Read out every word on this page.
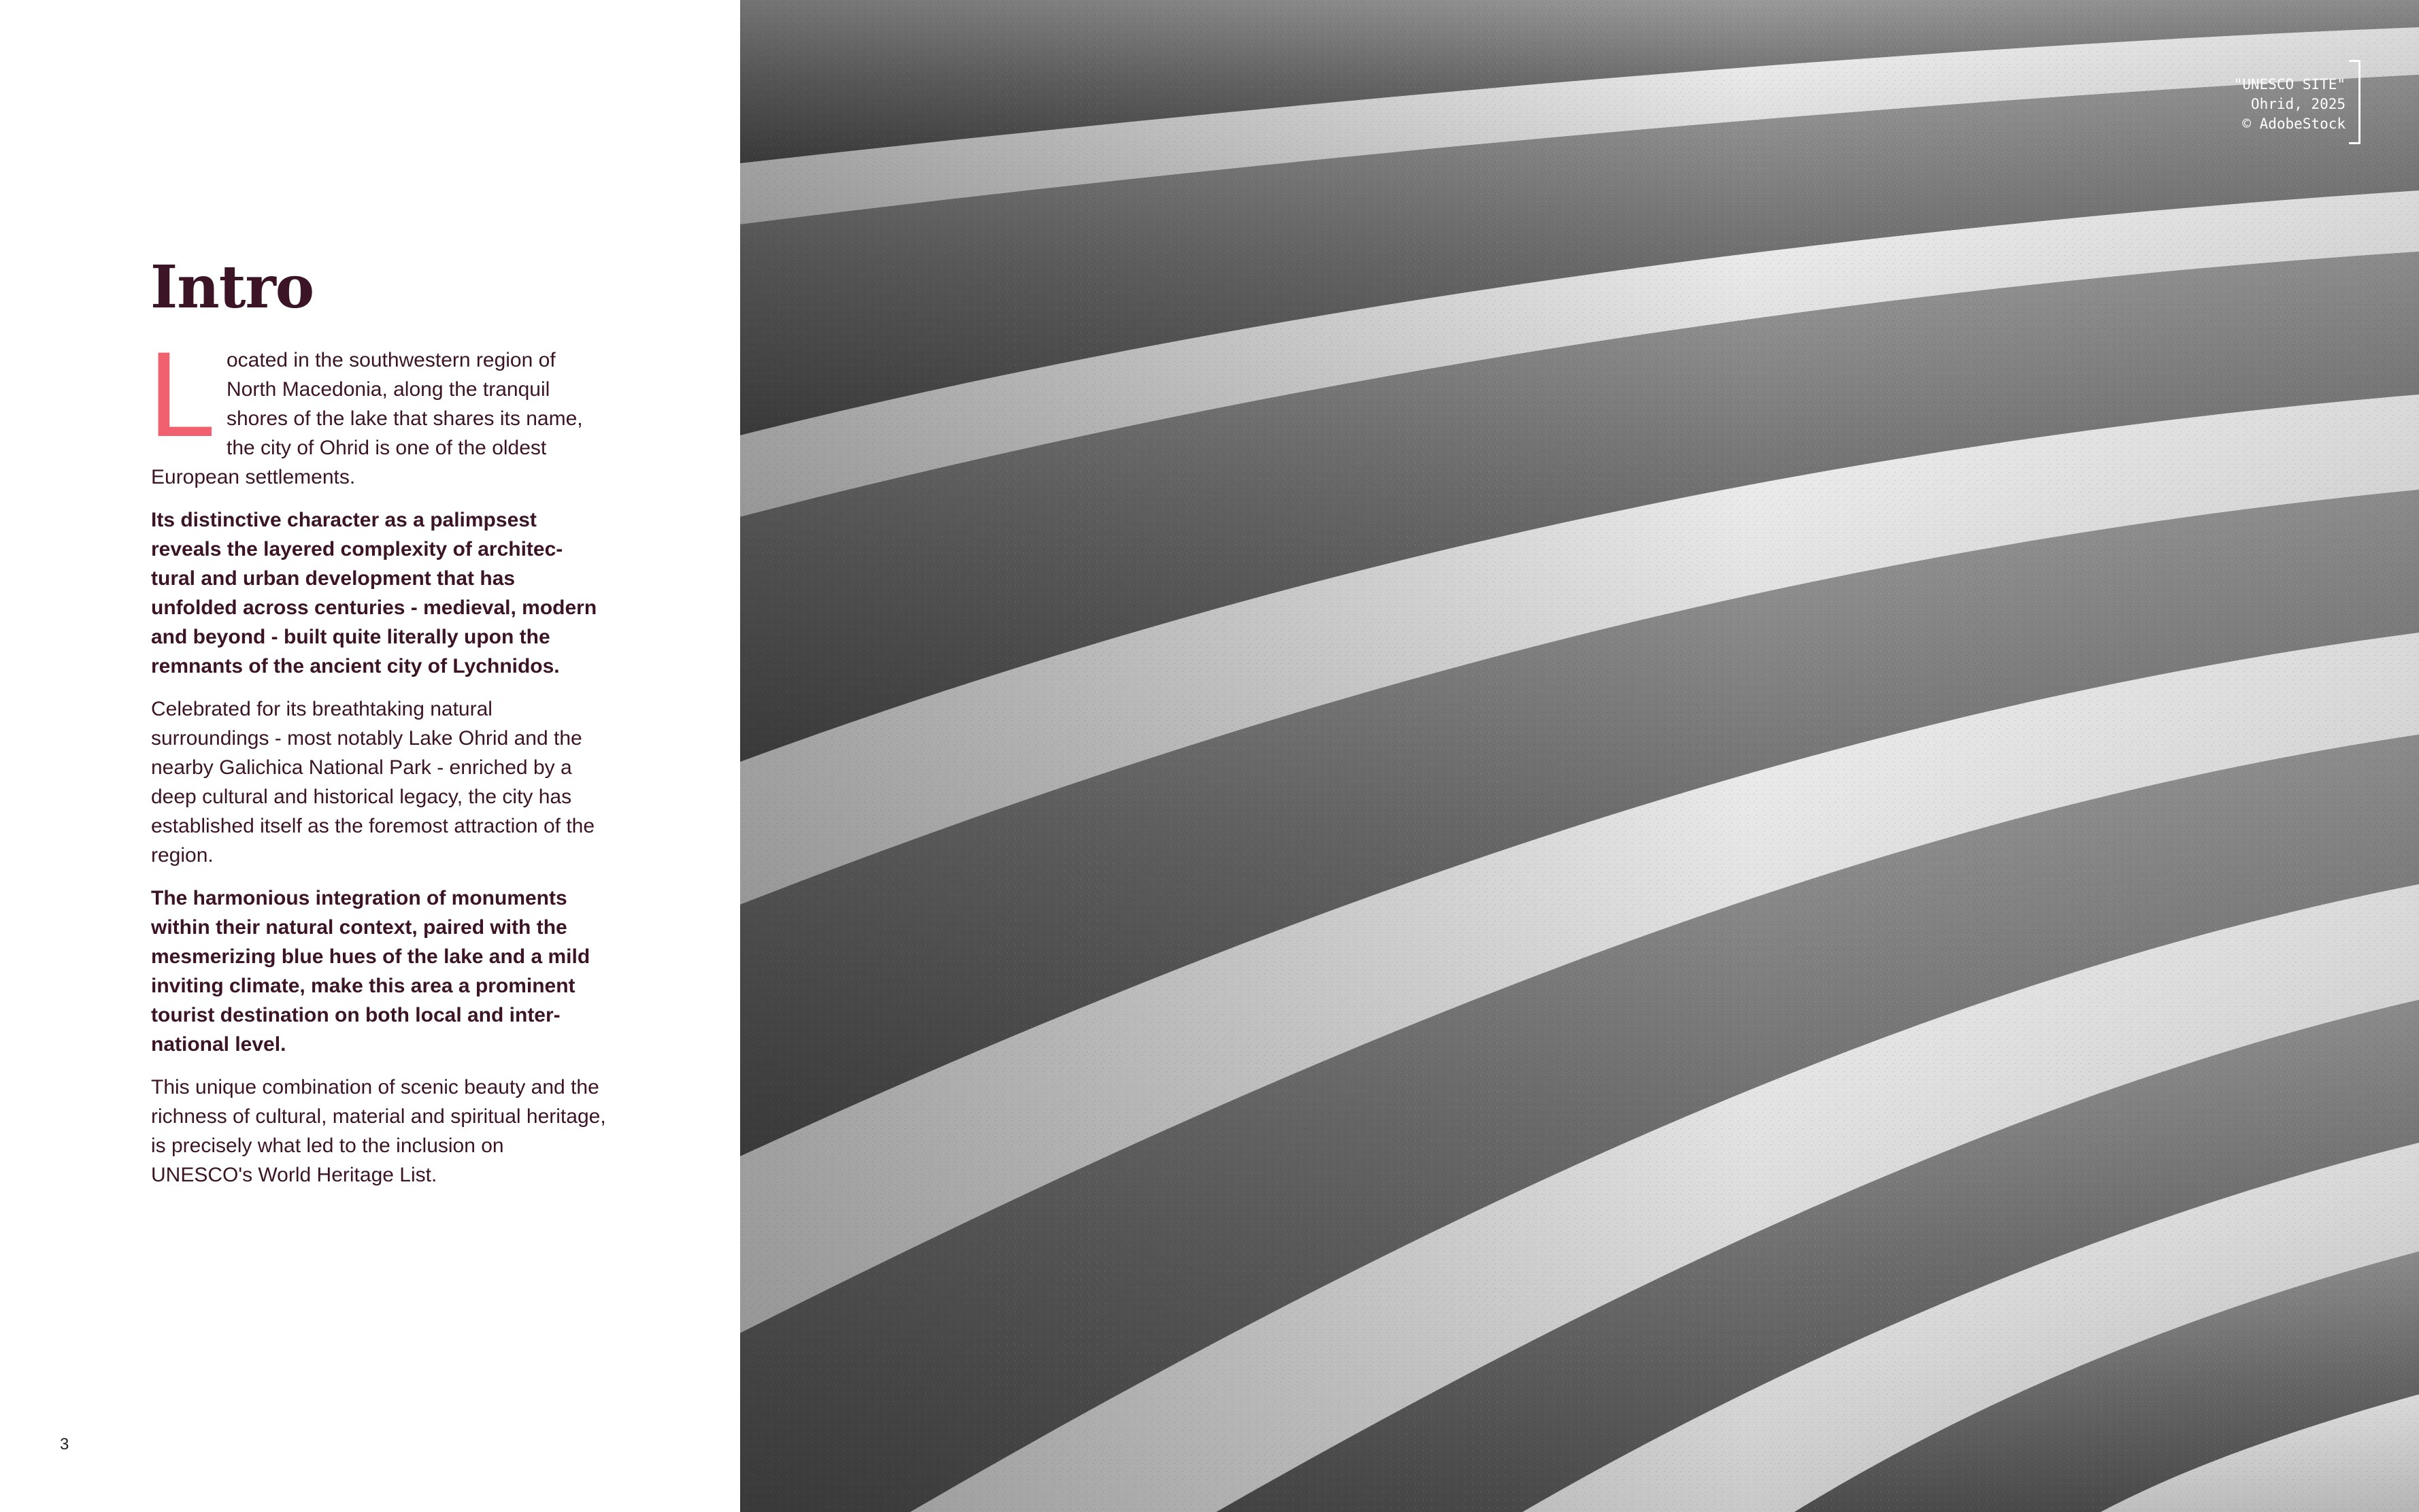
Intro

Located in the southwestern region of North Macedonia, along the tranquil shores of the lake that shares its name, the city of Ohrid is one of the oldest European settlements.

Its distinctive character as a palimpsest reveals the layered complexity of architec-tural and urban development that has unfolded across centuries - medieval, modern and beyond - built quite literally upon the remnants of the ancient city of Lychnidos.

Celebrated for its breathtaking natural surroundings - most notably Lake Ohrid and the nearby Galichica National Park - enriched by a deep cultural and historical legacy, the city has established itself as the foremost attraction of the region.

The harmonious integration of monuments within their natural context, paired with the mesmerizing blue hues of the lake and a mild inviting climate, make this area a prominent tourist destination on both local and inter-national level.

This unique combination of scenic beauty and the richness of cultural, material and spiritual heritage, is precisely what led to the inclusion on UNESCO's World Heritage List.

3
"UNESCO SITE"
Ohrid, 2025
© AdobeStock
